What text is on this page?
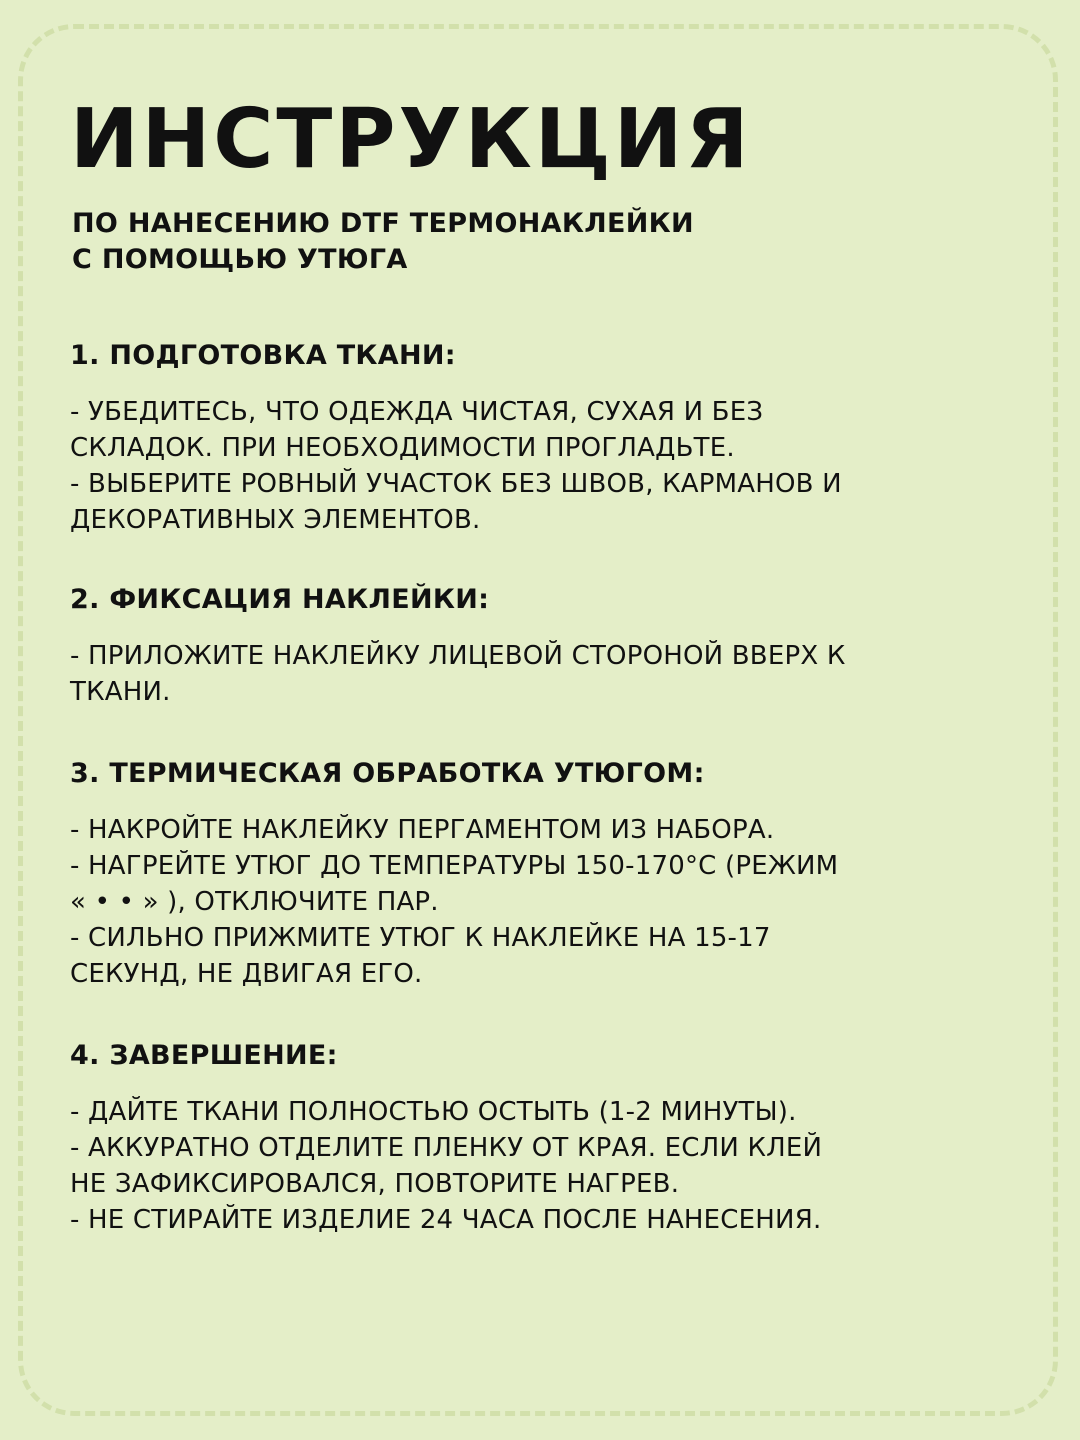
ИНСТРУКЦИЯ
ПО НАНЕСЕНИЮ DTF ТЕРМОНАКЛЕЙКИ
С ПОМОЩЬЮ УТЮГА
1. ПОДГОТОВКА ТКАНИ:
- УБЕДИТЕСЬ, ЧТО ОДЕЖДА ЧИСТАЯ, СУХАЯ И БЕЗ
СКЛАДОК. ПРИ НЕОБХОДИМОСТИ ПРОГЛАДЬТЕ.
- ВЫБЕРИТЕ РОВНЫЙ УЧАСТОК БЕЗ ШВОВ, КАРМАНОВ И
ДЕКОРАТИВНЫХ ЭЛЕМЕНТОВ.
2. ФИКСАЦИЯ НАКЛЕЙКИ:
- ПРИЛОЖИТЕ НАКЛЕЙКУ ЛИЦЕВОЙ СТОРОНОЙ ВВЕРХ К
ТКАНИ.
3. ТЕРМИЧЕСКАЯ ОБРАБОТКА УТЮГОМ:
- НАКРОЙТЕ НАКЛЕЙКУ ПЕРГАМЕНТОМ ИЗ НАБОРА.
- НАГРЕЙТЕ УТЮГ ДО ТЕМПЕРАТУРЫ 150-170°С (РЕЖИМ
« • • » ), ОТКЛЮЧИТЕ ПАР.
- СИЛЬНО ПРИЖМИТЕ УТЮГ К НАКЛЕЙКЕ НА 15-17
СЕКУНД, НЕ ДВИГАЯ ЕГО.
4. ЗАВЕРШЕНИЕ:
- ДАЙТЕ ТКАНИ ПОЛНОСТЬЮ ОСТЫТЬ (1-2 МИНУТЫ).
- АККУРАТНО ОТДЕЛИТЕ ПЛЕНКУ ОТ КРАЯ. ЕСЛИ КЛЕЙ
НЕ ЗАФИКСИРОВАЛСЯ, ПОВТОРИТЕ НАГРЕВ.
- НЕ СТИРАЙТЕ ИЗДЕЛИЕ 24 ЧАСА ПОСЛЕ НАНЕСЕНИЯ.
